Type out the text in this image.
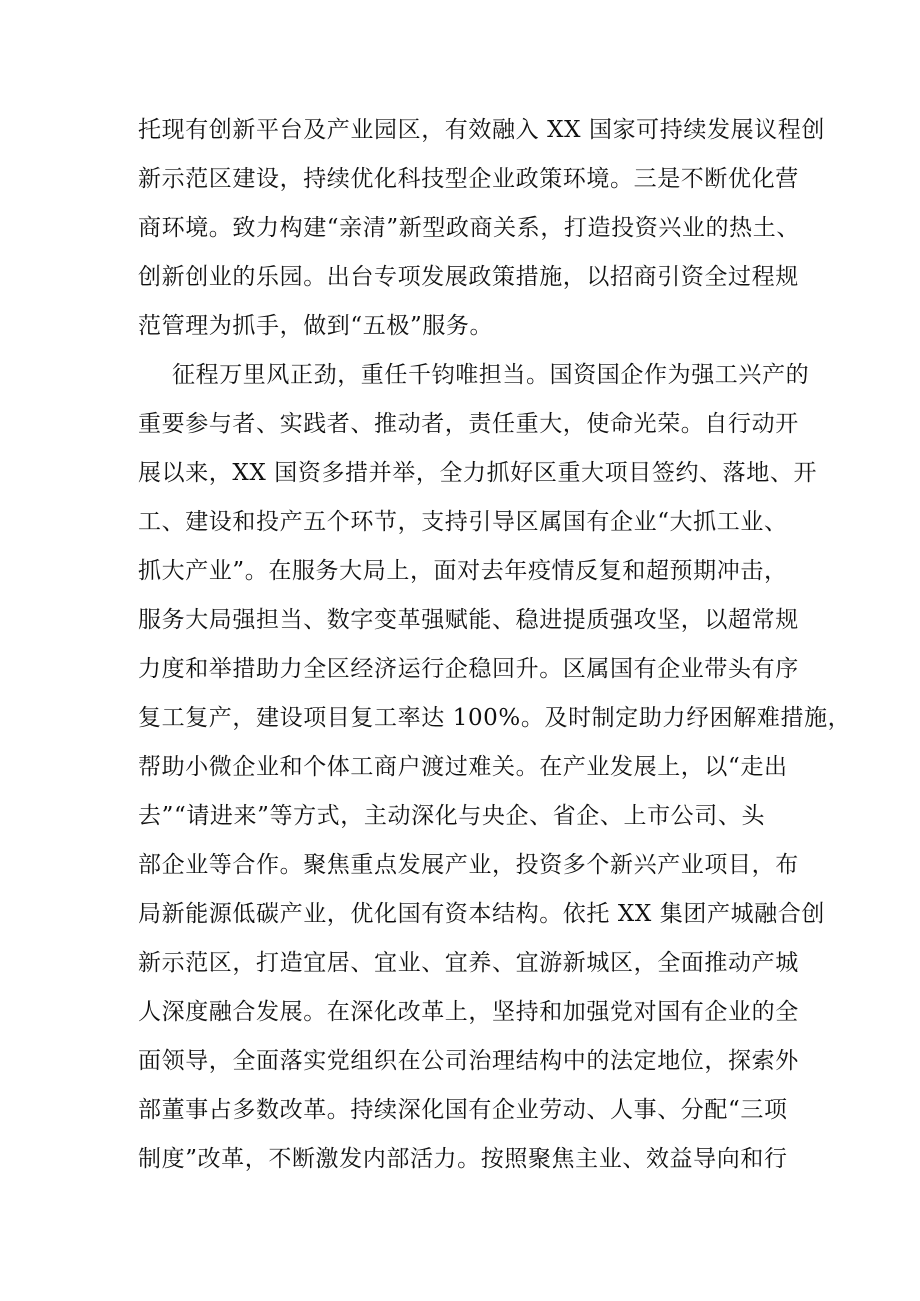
托现有创新平台及产业园区，有效融入 XX 国家可持续发展议程创
新示范区建设，持续优化科技型企业政策环境。三是不断优化营
商环境。致力构建“亲清”新型政商关系，打造投资兴业的热土、
创新创业的乐园。出台专项发展政策措施，以招商引资全过程规
范管理为抓手，做到“五极”服务。
征程万里风正劲，重任千钧唯担当。国资国企作为强工兴产的
重要参与者、实践者、推动者，责任重大，使命光荣。自行动开
展以来，XX 国资多措并举，全力抓好区重大项目签约、落地、开
工、建设和投产五个环节，支持引导区属国有企业“大抓工业、
抓大产业”。在服务大局上，面对去年疫情反复和超预期冲击，
服务大局强担当、数字变革强赋能、稳进提质强攻坚，以超常规
力度和举措助力全区经济运行企稳回升。区属国有企业带头有序
复工复产，建设项目复工率达 100%。及时制定助力纾困解难措施，
帮助小微企业和个体工商户渡过难关。在产业发展上，以“走出
去”“请进来”等方式，主动深化与央企、省企、上市公司、头
部企业等合作。聚焦重点发展产业，投资多个新兴产业项目，布
局新能源低碳产业，优化国有资本结构。依托 XX 集团产城融合创
新示范区，打造宜居、宜业、宜养、宜游新城区，全面推动产城
人深度融合发展。在深化改革上，坚持和加强党对国有企业的全
面领导，全面落实党组织在公司治理结构中的法定地位，探索外
部董事占多数改革。持续深化国有企业劳动、人事、分配“三项
制度”改革，不断激发内部活力。按照聚焦主业、效益导向和行
